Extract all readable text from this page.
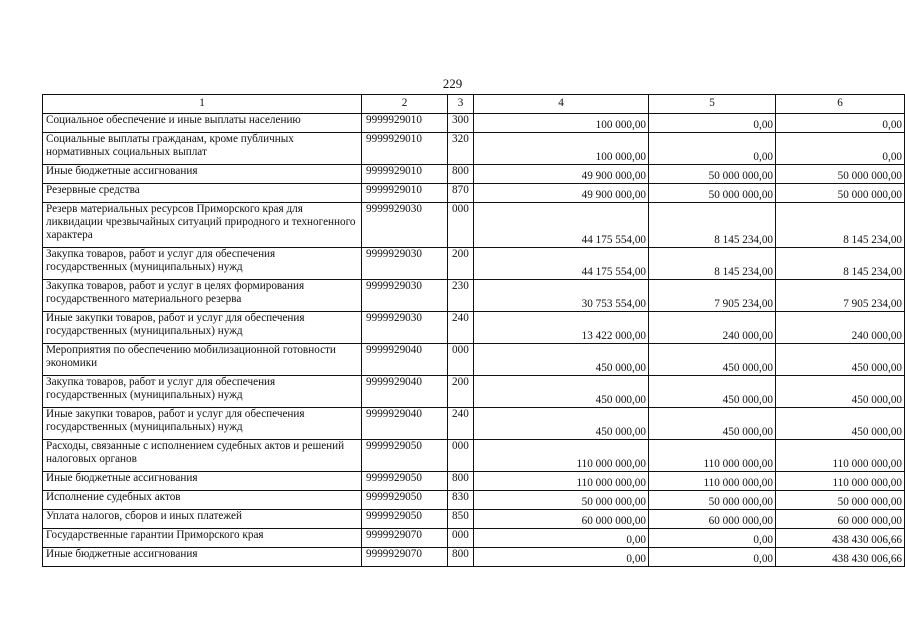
229
1	2	3	4	5	6
Социальное обеспечение и иные выплаты населению	9999929010	300	100 000,00	0,00	0,00
Социальные выплаты гражданам, кроме публичных нормативных социальных выплат	9999929010	320	100 000,00	0,00	0,00
Иные бюджетные ассигнования	9999929010	800	49 900 000,00	50 000 000,00	50 000 000,00
Резервные средства	9999929010	870	49 900 000,00	50 000 000,00	50 000 000,00
Резерв материальных ресурсов Приморского края для ликвидации чрезвычайных ситуаций природного и техногенного характера	9999929030	000	44 175 554,00	8 145 234,00	8 145 234,00
Закупка товаров, работ и услуг для обеспечения государственных (муниципальных) нужд	9999929030	200	44 175 554,00	8 145 234,00	8 145 234,00
Закупка товаров, работ и услуг в целях формирования государственного материального резерва	9999929030	230	30 753 554,00	7 905 234,00	7 905 234,00
Иные закупки товаров, работ и услуг для обеспечения государственных (муниципальных) нужд	9999929030	240	13 422 000,00	240 000,00	240 000,00
Мероприятия по обеспечению мобилизационной готовности экономики	9999929040	000	450 000,00	450 000,00	450 000,00
Закупка товаров, работ и услуг для обеспечения государственных (муниципальных) нужд	9999929040	200	450 000,00	450 000,00	450 000,00
Иные закупки товаров, работ и услуг для обеспечения государственных (муниципальных) нужд	9999929040	240	450 000,00	450 000,00	450 000,00
Расходы, связанные с исполнением судебных актов и решений налоговых органов	9999929050	000	110 000 000,00	110 000 000,00	110 000 000,00
Иные бюджетные ассигнования	9999929050	800	110 000 000,00	110 000 000,00	110 000 000,00
Исполнение судебных актов	9999929050	830	50 000 000,00	50 000 000,00	50 000 000,00
Уплата налогов, сборов и иных платежей	9999929050	850	60 000 000,00	60 000 000,00	60 000 000,00
Государственные гарантии Приморского края	9999929070	000	0,00	0,00	438 430 006,66
Иные бюджетные ассигнования	9999929070	800	0,00	0,00	438 430 006,66
